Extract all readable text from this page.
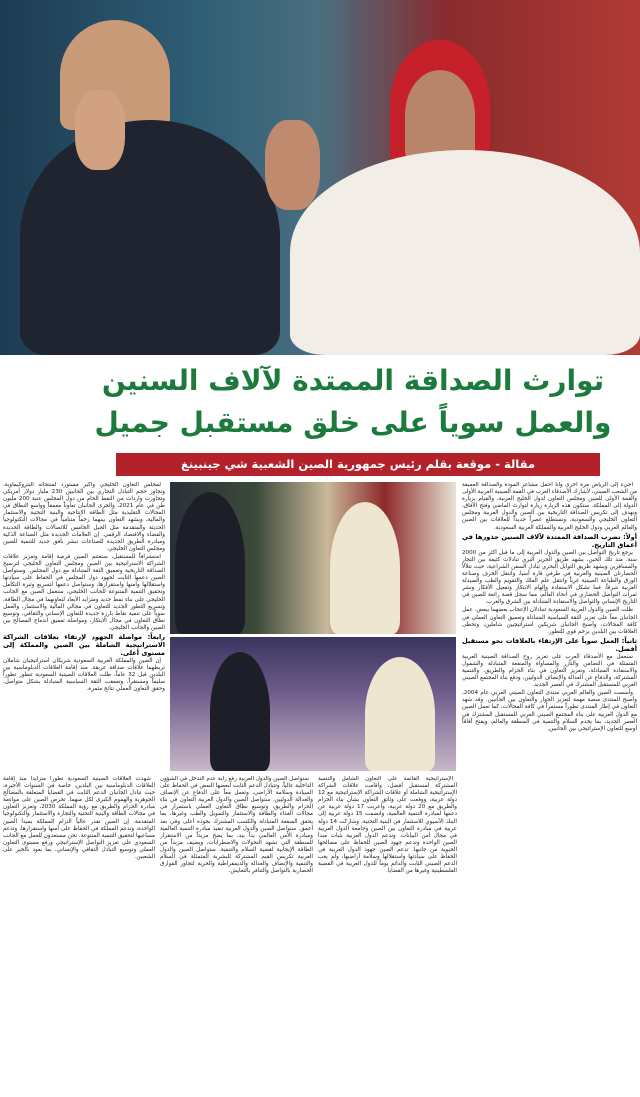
توارث الصداقة الممتدة لآلاف السنين
والعمل سوياً على خلق مستقبل جميل
مقالة - موقعة بقلم رئيس جمهورية الصين الشعبية شي جينبينغ

أجيء إلى الرياض مرة أخرى وأنا أحمل مشاعر المودة والصداقة العميقة من الشعب الصيني، لأشارك الأصدقاء العرب في القمة الصينية العربية الأولى والقمة الأولى للصين ومجلس التعاون لدول الخليج العربية، والقيام بزيارة الدولة إلى المملكة. ستكون هذه الزيارة زيارة لتوارث الماضي وفتح الآفاق، ونهدف إلى تكريس الصداقة التاريخية بين الصين والدول العربية ومجلس التعاون الخليجي والسعودية، ونستطلع عصراً جديداً للعلاقات بين الصين والعالم العربي ودول الخليج العربية والمملكة العربية السعودية.

أولاً: تضرب الصداقة الممتدة لآلاف السنين جذورها في أعماق التاريخ.

يرجع تاريخ التواصل بين الصين والدول العربية إلى ما قبل أكثر من 2000 سنة. منذ تلك الحين، يشهد طريق الحرير البري تبادلات كثيفة بين التجار والمسافرين ويشهد طريق التوابل البحري تبادل السفن الشراعية، حيث تتلألأ الحضارتان الصينية والعربية في طرفي قارة آسيا، وانتقل الخزف وصناعة الورق والطباعة الصينية غرباً وانتقل علم الفلك والتقويم والطب والصيدلة العربية شرقاً، فما تشكل الاستفادة وإلهام الابتكار وتفعيل الأفكار ونشر ثمرات التواصل الحضاري في أنحاء العالم، مما سجل قصة رائعة للصين في التاريخ الإنساني والتواصل والاستفادة المتبادلة بين الشرق والغرب.

ظلت الصين والدول العربية السعودية تتبادلان الإعجاب بعضهما ببعض. عمل الجانبان معاً على تعزيز الثقة السياسية المتبادلة وتعميق التعاون العملي في كافة المجالات، وأصبح الجانبان شريكين استراتيجيين شاملين، وتحظى العلاقات بين البلدين بزخم قوي للتطور.

ثانياً: العمل سوياً على الإرتقاء بالعلاقات نحو مستقبل أفضل.

سنعمل مع الأصدقاء العرب على تعزيز روح الصداقة الصينية العربية المتمثلة في التضامن والتآزر والمساواة والمنفعة المتبادلة والشمول والاستفادة المتبادلة، وتعزيز التعاون في بناء الحزام والطريق، والتنمية المشتركة، والدفاع عن العدالة والإنصاف الدوليين، ودفع بناء المجتمع الصيني العربي للمستقبل المشترك في العصر الجديد.

وأسست الصين والعالم العربي منتدى التعاون الصيني العربي عام 2004، وأصبح المنتدى منصة مهمة لتعزيز الحوار والتعاون بين الجانبين. وقد شهد التعاون في إطار المنتدى تطوراً مستمراً في كافة المجالات، كما تعمل الصين مع الدول العربية على بناء المجتمع الصيني العربي للمستقبل المشترك في العصر الجديد، بما يخدم السلام والتنمية في المنطقة والعالم، ويفتح آفاقاً أوسع للتعاون الإستراتيجي بين الجانبين.

لمجلس التعاون الخليجي وأكبر مستورد لمنتجاته البتروكيماوية، وتجاوز حجم التبادل التجاري بين الجانبين 230 مليار دولار أمريكي وتجاوزت واردات من النفط الخام من دول المجلس عتبة 200 مليون طن في عام 2021، والجرى الجانبان تعاوناً معمقاً وواسع النطاق في المجالات التقليدية مثل الطاقة الإنتاجية والبنية التحتية والاستثمار والمالية، ويشهد التعاون بينهما زخماً متنامياً في مجالات التكنولوجيا الحديثة والمتقدمة مثل الجيل الخامس للاتصالات والطاقة الجديدة والفضاء والاقتصاد الرقمي. إن العلامات الجديدة مثل الصناعة الذكية ومبادرة الطريق الجديدة للصناعات تبشر بأفق جديد للتنمية للصين ومجلس التعاون الخليجي.

استشرافاً للمستقبل، ستغتنم الصين فرصة إقامة وتعزيز علاقات الشراكة الاستراتيجية بين الصين ومجلس التعاون الخليجي لترسيخ الصداقة التاريخية وتعميق الثقة المتبادلة مع دول المجلس. وستواصل الصين دعمها الثابت لجهود دول المجلس في الحفاظ على سيادتها واستقلالها وأمنها واستقرارها، وستواصل دعمها لتسريع وتيرة التكامل وتحقيق التنمية المتنوعة للجانب الخليجي، ستعمل الصين مع الجانب الخليجي على بناء نمط جديد ومتزايد الأبعاد لتعاونهما في مجال الطاقة، وتسريع التطور الجديد للتعاون في مجالي المالية والاستثمار، والعمل سوياً على تنمية نقاط بارزة جديدة للتعاون الإنساني والثقافي، وتوسيع نطاق التعاون في مجال الابتكار، ومواصلة تعميق اندماج المصالح بين الصين والجانب الخليجي.

رابعاً: مواصلة الجهود لإرتقاء بعلاقات الشراكة الاستراتيجية الشاملة بين الصين والمملكة إلى مستوى أعلى.

إن الصين والمملكة العربية السعودية شريكان استراتيجيان شاملان تربطهما علاقات صداقة عريقة. منذ إقامة العلاقات الدبلوماسية بين البلدين قبل 32 عاماً، ظلت العلاقات الصينية السعودية تتطور تطوراً سليماً ومستقراً، وتعمقت الثقة السياسية المتبادلة بشكل متواصل، وحقق التعاون العملي نتائج مثمرة.

شهدت العلاقات الصينية السعودية تطوراً متزايداً منذ إقامة العلاقات الدبلوماسية بين البلدين، خاصة في السنوات الأخيرة، حيث تبادل الجانبان الدعم الثابت في القضايا المتعلقة بالمصالح الجوهرية والهموم الكبرى لكل منهما. تحرص الصين على مواءمة مبادرة الحزام والطريق مع رؤية المملكة 2030، وتعزيز التعاون في مجالات الطاقة والبنية التحتية والتجارة والاستثمار والتكنولوجيا المتقدمة. إن الصين تقدر عالياً التزام المملكة بمبدأ الصين الواحدة، وتدعم المملكة في الحفاظ على أمنها واستقرارها، وتدعم مساعيها لتحقيق التنمية المتنوعة. نحن مستعدون للعمل مع الجانب السعودي على تعزيز التواصل الإستراتيجي ورفع مستوى التعاون العملي وتوسيع التبادل الثقافي والإنساني، بما يعود بالخير على الشعبين.

سنواصل الصين والدول العربية رفع راية عدم التدخل في الشؤون الداخلية عالياً، وتتبادل الدعم الثابت لبعضها البعض في الحفاظ على السيادة وسلامة الأراضي، وتعمل معاً على الدفاع عن الإنصاف والعدالة الدوليين. ستواصل الصين والدول العربية التعاون في بناء الحزام والطريق، وتوسيع نطاق التعاون العملي باستمرار في مجالات الغذاء والطاقة والاستثمار والتمويل والطب وغيرها، بما يحقق المنفعة المتبادلة والكسب المشترك بجودة أعلى وفي بعد أعمق. ستواصل الصين والدول العربية تنفيذ مبادرة التنمية العالمية ومبادرة الأمن العالمي يداً بيد، بما يضخ مزيداً من الاستقرار للمنطقة التي تشهد التحولات والاضطرابات، ويضيف مزيداً من الطاقة الإيجابية لقضية السلام والتنمية. ستواصل الصين والدول العربية تكريس القيم المشتركة للبشرية المتمثلة في السلام والتنمية والإنصاف والعدالة والديمقراطية والحرية لتجاوز الفوارق الحضارية بالتواصل والتنافر بالتعايش.

الإستراتيجية القائمة على التعاون الشامل والتنمية المشتركة لمستقبل أفضل، وأقامت علاقات الشراكة الإستراتيجية الشاملة أو علاقات الشراكة الإستراتيجية مع 12 دولة عربية، ووقعت على وثائق التعاون بشأن بناء الحزام والطريق مع 20 دولة عربية، وأعربت 17 دولة عربية عن دعمها لمبادرة التنمية العالمية، وانضمت 15 دولة عربية إلى البنك الآسيوي للاستثمار في البنية التحتية، وشاركت 14 دولة عربية في مبادرة التعاون بين الصين وجامعة الدول العربية في مجال أمن البيانات. وتدعم الدول العربية بثبات مبدأ الصين الواحدة وتدعم جهود الصين للحفاظ على مصالحها الحيوية من جانبها. تدعم الصين جهود الدول العربية في الحفاظ على سيادتها واستقلالها وسلامة أراضيها، ولم يغب الدعم الصيني الثابت والدائم يوماً للدول العربية في القضية الفلسطينية وغيرها من القضايا.
